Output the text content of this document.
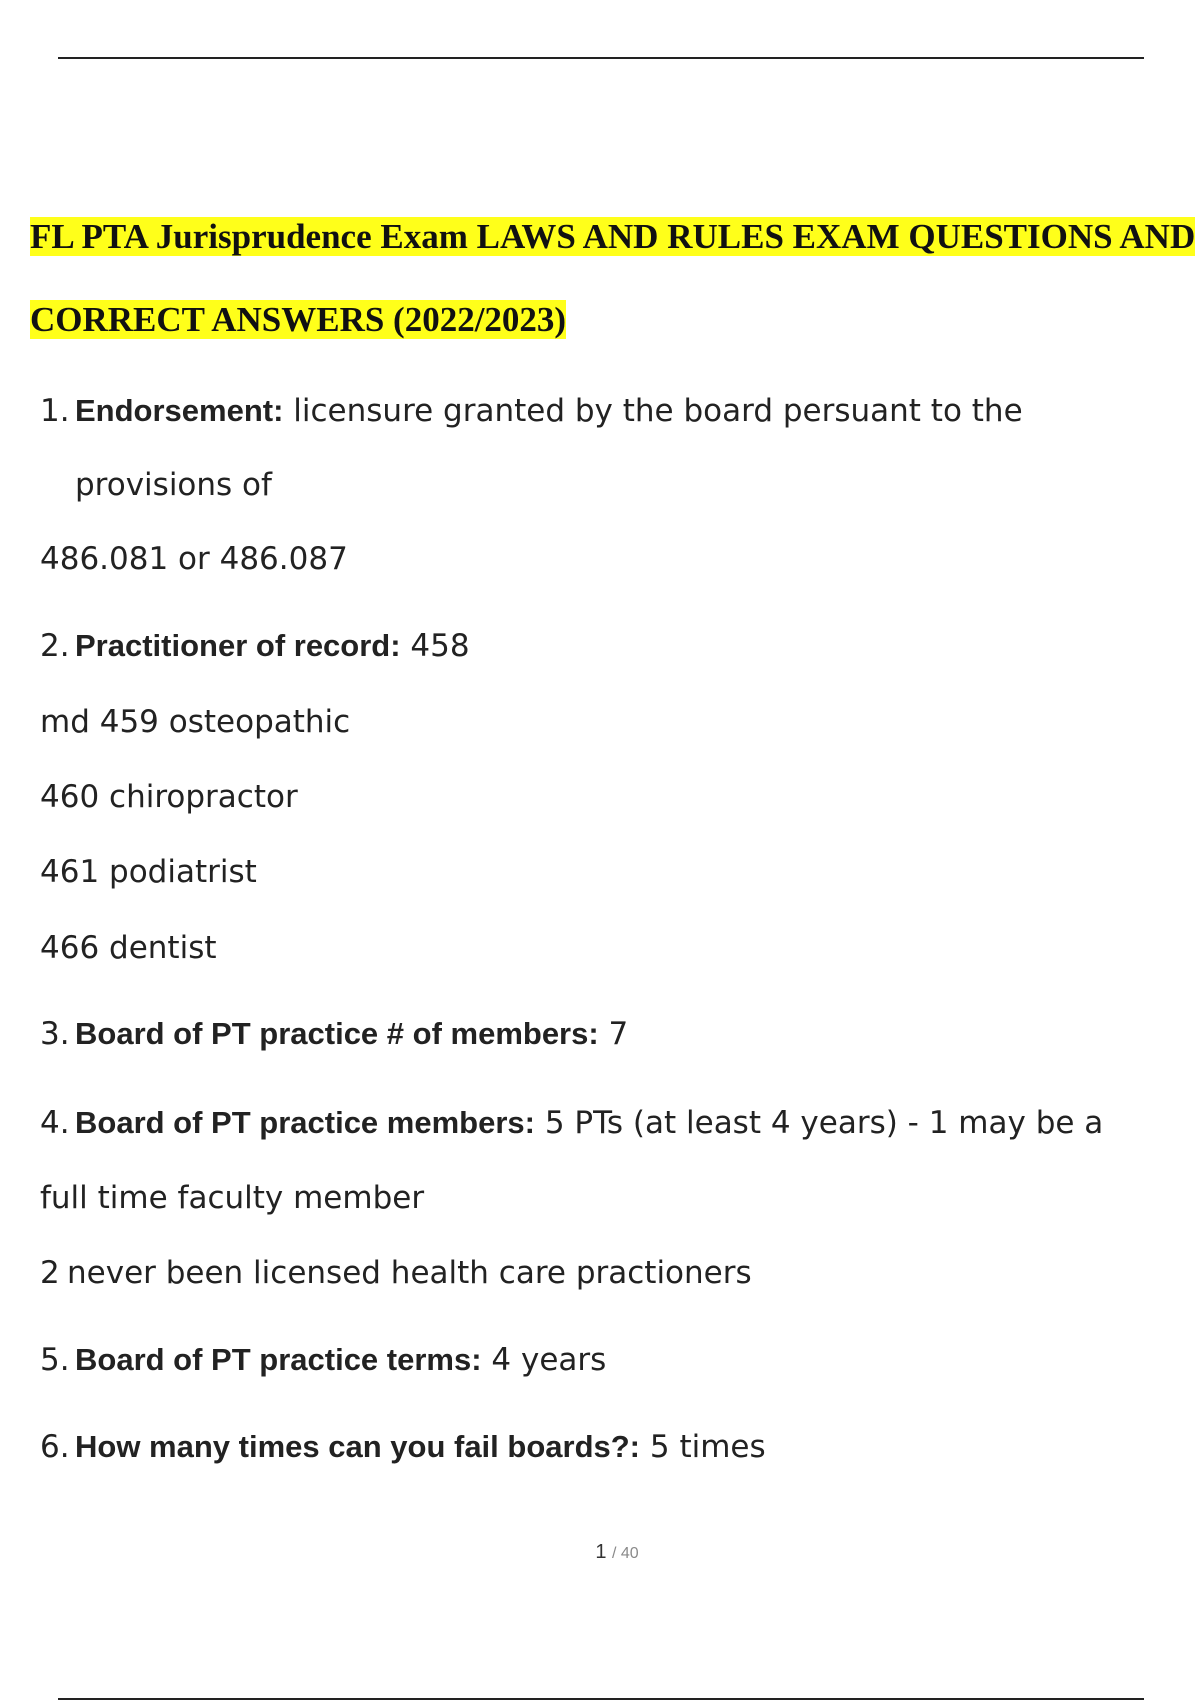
FL PTA Jurisprudence Exam LAWS AND RULES EXAM QUESTIONS AND
CORRECT ANSWERS (2022/2023)

1. Endorsement: licensure granted by the board persuant to the

provisions of

486.081 or 486.087

2. Practitioner of record: 458

md 459 osteopathic

460 chiropractor

461 podiatrist

466 dentist

3. Board of PT practice # of members: 7

4. Board of PT practice members: 5 PTs (at least 4 years) - 1 may be a

full time faculty member

2 never been licensed health care practioners

5. Board of PT practice terms: 4 years

6. How many times can you fail boards?: 5 times

1 / 40
